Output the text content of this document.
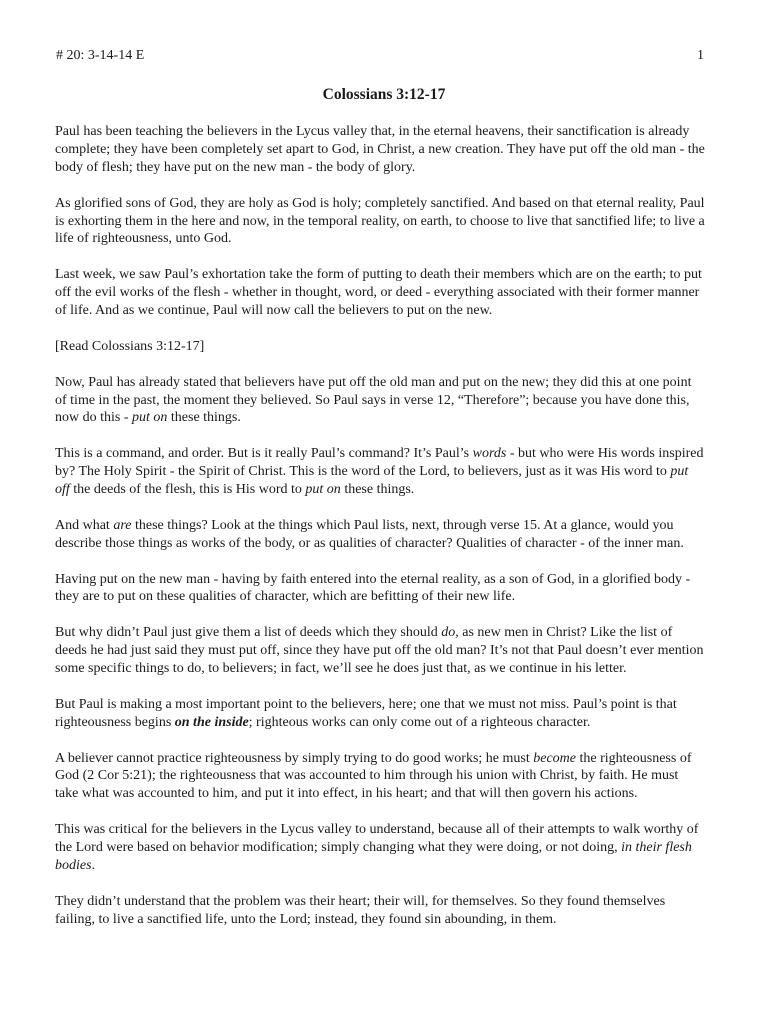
# 20: 3-14-14 E	1
Colossians 3:12-17

Paul has been teaching the believers in the Lycus valley that, in the eternal heavens, their sanctification is already complete; they have been completely set apart to God, in Christ, a new creation. They have put off the old man - the body of flesh; they have put on the new man - the body of glory.

As glorified sons of God, they are holy as God is holy; completely sanctified. And based on that eternal reality, Paul is exhorting them in the here and now, in the temporal reality, on earth, to choose to live that sanctified life; to live a life of righteousness, unto God.

Last week, we saw Paul’s exhortation take the form of putting to death their members which are on the earth; to put off the evil works of the flesh - whether in thought, word, or deed - everything associated with their former manner of life. And as we continue, Paul will now call the believers to put on the new.

[Read Colossians 3:12-17]

Now, Paul has already stated that believers have put off the old man and put on the new; they did this at one point of time in the past, the moment they believed. So Paul says in verse 12, “Therefore”; because you have done this, now do this - put on these things.

This is a command, and order. But is it really Paul’s command? It’s Paul’s words - but who were His words inspired by? The Holy Spirit - the Spirit of Christ. This is the word of the Lord, to believers, just as it was His word to put off the deeds of the flesh, this is His word to put on these things.

And what are these things? Look at the things which Paul lists, next, through verse 15. At a glance, would you describe those things as works of the body, or as qualities of character? Qualities of character - of the inner man.

Having put on the new man - having by faith entered into the eternal reality, as a son of God, in a glorified body - they are to put on these qualities of character, which are befitting of their new life.

But why didn’t Paul just give them a list of deeds which they should do, as new men in Christ? Like the list of deeds he had just said they must put off, since they have put off the old man? It’s not that Paul doesn’t ever mention some specific things to do, to believers; in fact, we’ll see he does just that, as we continue in his letter.

But Paul is making a most important point to the believers, here; one that we must not miss. Paul’s point is that righteousness begins on the inside; righteous works can only come out of a righteous character.

A believer cannot practice righteousness by simply trying to do good works; he must become the righteousness of God (2 Cor 5:21); the righteousness that was accounted to him through his union with Christ, by faith. He must take what was accounted to him, and put it into effect, in his heart; and that will then govern his actions.

This was critical for the believers in the Lycus valley to understand, because all of their attempts to walk worthy of the Lord were based on behavior modification; simply changing what they were doing, or not doing, in their flesh bodies.

They didn’t understand that the problem was their heart; their will, for themselves. So they found themselves failing, to live a sanctified life, unto the Lord; instead, they found sin abounding, in them.
